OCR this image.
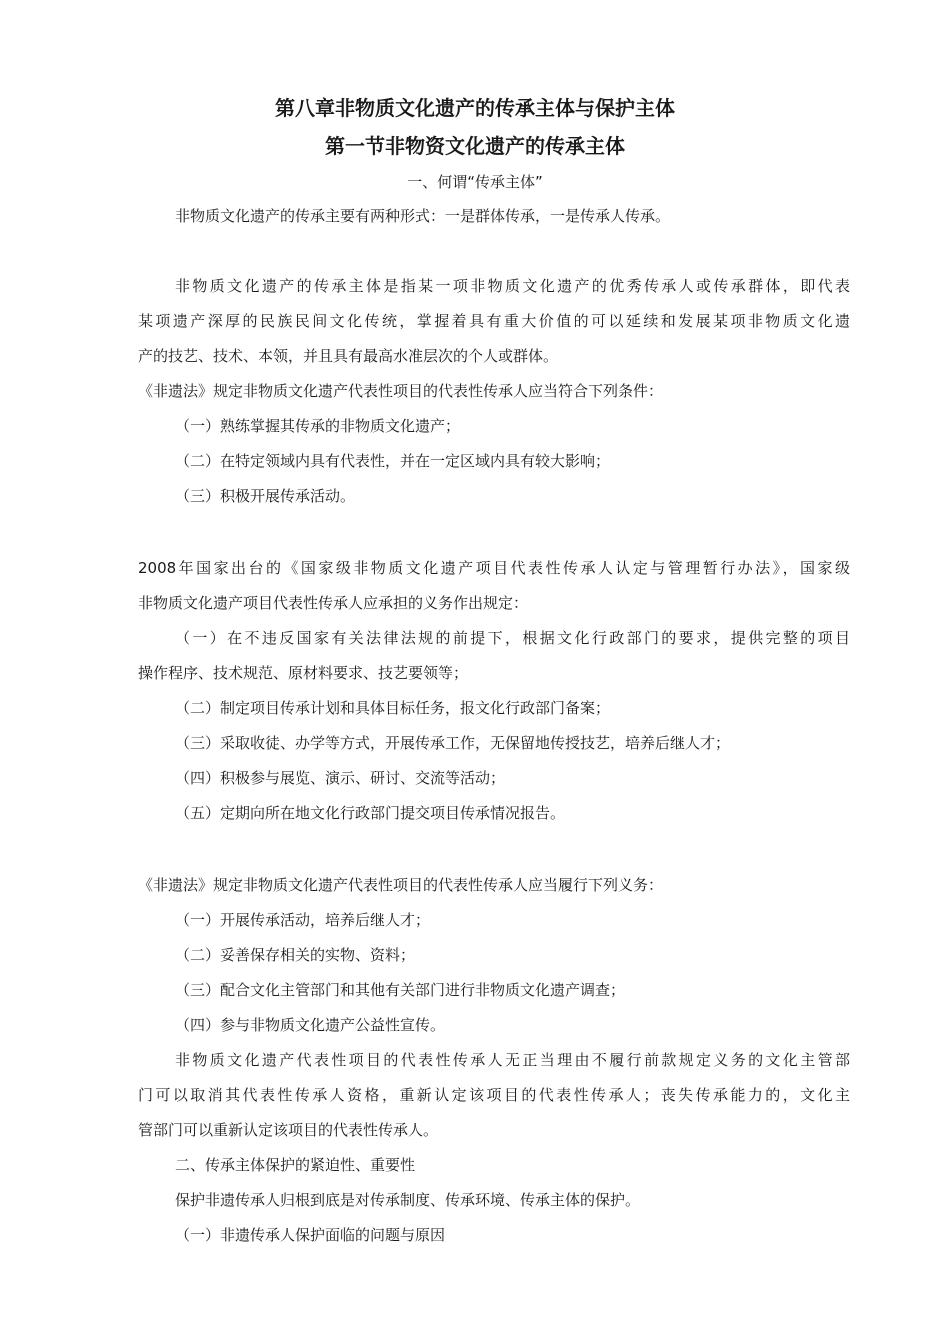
第八章非物质文化遗产的传承主体与保护主体
第一节非物资文化遗产的传承主体
一、何谓“传承主体”
非物质文化遗产的传承主要有两种形式：一是群体传承，一是传承人传承。
非物质文化遗产的传承主体是指某一项非物质文化遗产的优秀传承人或传承群体，即代表
某项遗产深厚的民族民间文化传统，掌握着具有重大价值的可以延续和发展某项非物质文化遗
产的技艺、技术、本领，并且具有最高水准层次的个人或群体。
《非遗法》规定非物质文化遗产代表性项目的代表性传承人应当符合下列条件：
（一）熟练掌握其传承的非物质文化遗产；
（二）在特定领域内具有代表性，并在一定区域内具有较大影响；
（三）积极开展传承活动。
2008年国家出台的《国家级非物质文化遗产项目代表性传承人认定与管理暂行办法》，国家级
非物质文化遗产项目代表性传承人应承担的义务作出规定：
（一）在不违反国家有关法律法规的前提下，根据文化行政部门的要求，提供完整的项目
操作程序、技术规范、原材料要求、技艺要领等；
（二）制定项目传承计划和具体目标任务，报文化行政部门备案；
（三）采取收徒、办学等方式，开展传承工作，无保留地传授技艺，培养后继人才；
（四）积极参与展览、演示、研讨、交流等活动；
（五）定期向所在地文化行政部门提交项目传承情况报告。
《非遗法》规定非物质文化遗产代表性项目的代表性传承人应当履行下列义务：
（一）开展传承活动，培养后继人才；
（二）妥善保存相关的实物、资料；
（三）配合文化主管部门和其他有关部门进行非物质文化遗产调查；
（四）参与非物质文化遗产公益性宣传。
非物质文化遗产代表性项目的代表性传承人无正当理由不履行前款规定义务的文化主管部
门可以取消其代表性传承人资格，重新认定该项目的代表性传承人；丧失传承能力的，文化主
管部门可以重新认定该项目的代表性传承人。
二、传承主体保护的紧迫性、重要性
保护非遗传承人归根到底是对传承制度、传承环境、传承主体的保护。
（一）非遗传承人保护面临的问题与原因
